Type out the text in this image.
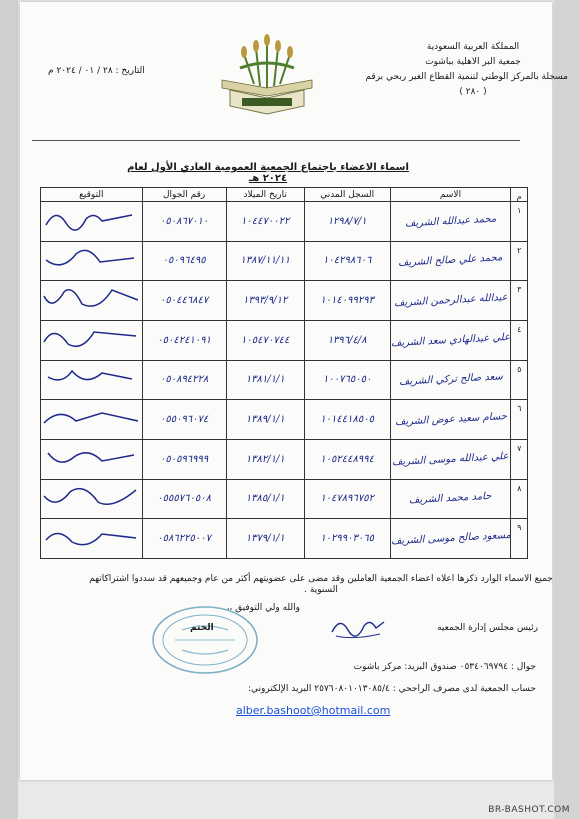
المملكة العربية السعودية
جمعية البر الاهلية بباشوت
مسجلة بالمركز الوطني لتنمية القطاع الغير ربحي برقم
( ٢٨٠ )
التاريخ : ٢٨ / ٠١ / ٢٠٢٤ م
اسماء الاعضاء باجتماع الجمعية العمومية العادي الأول لعام ٢٠٢٤ هـ
م	الاسم	السجل المدني	تاريخ الميلاد	رقم الجوال	التوقيع
١	محمد عبدالله الشريف	١٢٩٨/٧/١	١٠٤٤٧٠٠٢٢	٠٥٠٨٦٧٠١٠	
٢	محمد علي صالح الشريف	١٠٤٢٩٨٦٠٦	١٣٨٧/١١/١١	٠٥٠٩٦٤٩٥	
٣	عبدالله عبدالرحمن الشريف	١٠١٤٠٩٩٢٩٣	١٣٩٣/٩/١٢	٠٥٠٤٤٦٨٤٧	
٤	علي عبدالهادي سعد الشريف	١٣٩٦/٤/٨	١٠٥٤٧٠٧٤٤	٠٥٠٤٢٤١٠٩١	
٥	سعد صالح تركي الشريف	١٠٠٧٦٥٠٥٠	١٣٨١/١/١	٠٥٠٨٩٤٢٢٨	
٦	حسام سعيد عوض الشريف	١٠١٤٤١٨٥٠٥	١٣٨٩/١/١	٠٥٥٠٩٦٠٧٤	
٧	علي عبدالله موسى الشريف	١٠٥٢٤٤٨٩٩٤	١٣٨٢/١/١	٠٥٠٥٩٦٩٩٩	
٨	حامد محمد الشريف	١٠٤٧٨٩٦٧٥٢	١٣٨٥/١/١	٠٥٥٥٧٦٠٥٠٨	
٩	مسعود صالح موسى الشريف	١٠٢٩٩٠٣٠٦٥	١٣٧٩/١/١	٠٥٨٦٢٢٥٠٠٧	
جميع الاسماء الوارد ذكرها اعلاه اعضاء الجمعية العاملين وقد مضى على عضويتهم أكثر من عام وجميعهم قد سددوا اشتراكاتهم السنوية .
والله ولي التوفيق ،،
الختم	رئيس مجلس إدارة الجمعيه
جوال : ٠٥٣٤٠٦٩٧٩٤ صندوق البريد: مركز باشوت
حساب الجمعية لدى مصرف الراجحي : ٢٥٧٦٠٨٠١٠١٣٠٨٥/٤ البريد الإلكتروني:
alber.bashoot@hotmail.com
BR-BASHOT.COM
